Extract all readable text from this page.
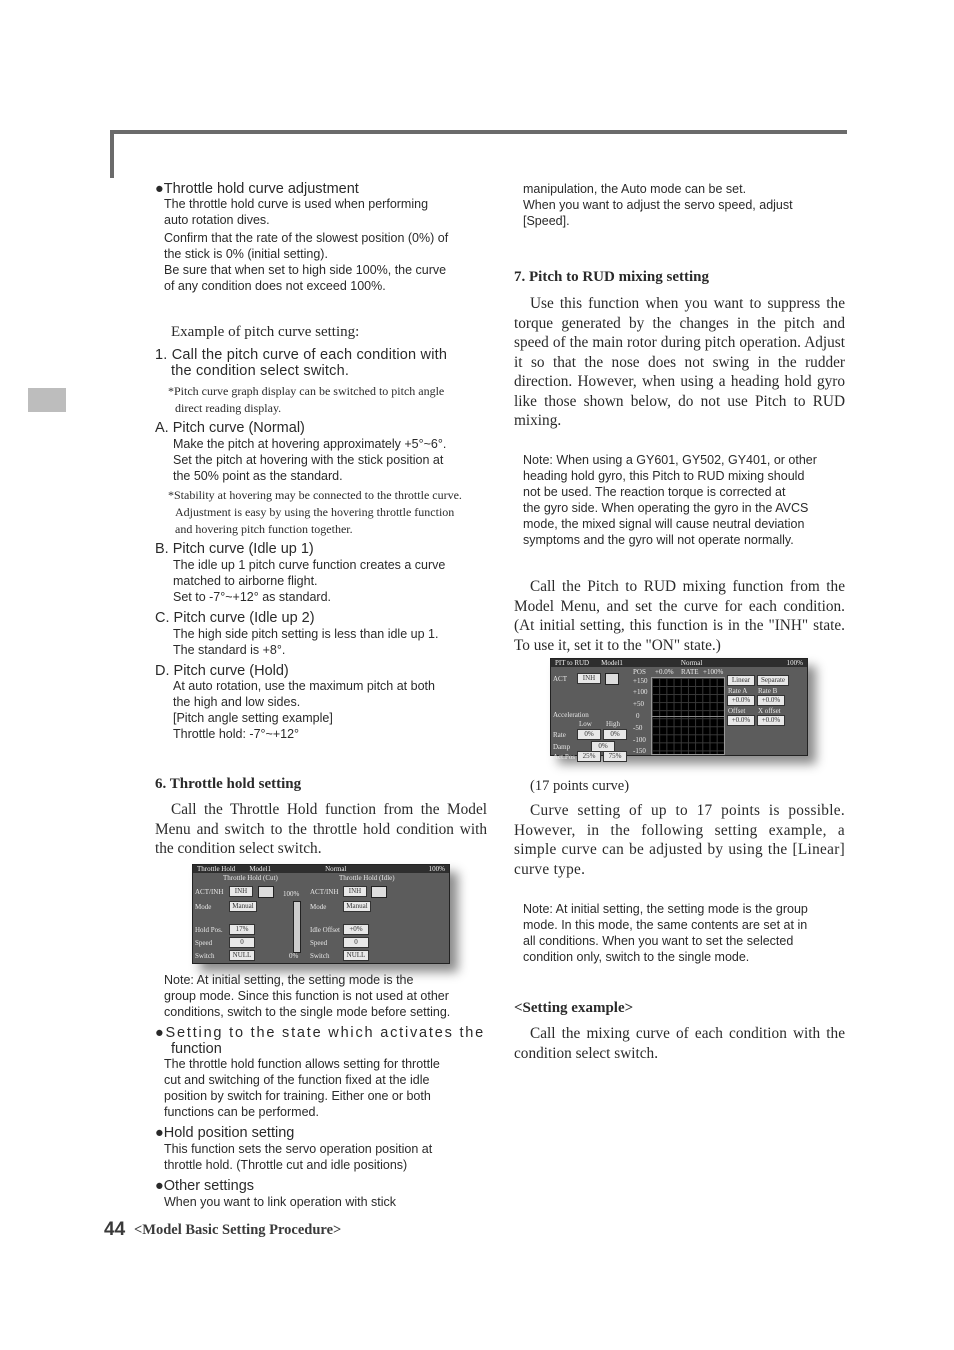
●Throttle hold curve adjustment
The throttle hold curve is used when performing
auto rotation dives.
Confirm that the rate of the slowest position (0%) of
the stick is 0% (initial setting).
Be sure that when set to high side 100%, the curve
of any condition does not exceed 100%.
Example of pitch curve setting:
1. Call the pitch curve of each condition with
the condition select switch.
*Pitch curve graph display can be switched to pitch angle
direct reading display.
A. Pitch curve (Normal)
Make the pitch at hovering approximately +5°~6°.
Set the pitch at hovering with the stick position at
the 50% point as the standard.
*Stability at hovering may be connected to the throttle curve.
Adjustment is easy by using the hovering throttle function
and hovering pitch function together.
B. Pitch curve (Idle up 1)
The idle up 1 pitch curve function creates a curve
matched to airborne flight.
Set to -7°~+12° as standard.
C. Pitch curve (Idle up 2)
The high side pitch setting is less than idle up 1.
The standard is +8°.
D. Pitch curve (Hold)
At auto rotation, use the maximum pitch at both
the high and low sides.
[Pitch angle setting example]
Throttle hold: -7°~+12°
6. Throttle hold setting
Call the Throttle Hold function from the Model Menu and switch to the throttle hold condition with the condition select switch.
Throttle Hold Model1	Normal	100%
Throttle Hold (Cut)	Throttle Hold (Idle)
ACT/INH	INH
Mode	Manual
Hold Pos.	17%
Speed	0
Switch	NULL
100%
0%
ACT/INH	INH
Mode	Manual
Idle Offset	+0%
Speed	0
Switch	NULL
Note: At initial setting, the setting mode is the
group mode. Since this function is not used at other
conditions, switch to the single mode before setting.
●Setting to the state which activates the
function
The throttle hold function allows setting for throttle
cut and switching of the function fixed at the idle
position by switch for training. Either one or both
functions can be performed.
●Hold position setting
This function sets the servo operation position at
throttle hold. (Throttle cut and idle positions)
●Other settings
When you want to link operation with stick
manipulation, the Auto mode can be set.
When you want to adjust the servo speed, adjust
[Speed].
7. Pitch to RUD mixing setting
Use this function when you want to suppress the torque generated by the changes in the pitch and speed of the main rotor during pitch operation. Adjust it so that the nose does not swing in the rudder direction. However, when using a heading hold gyro like those shown below, do not use Pitch to RUD mixing.
Note: When using a GY601, GY502, GY401, or other
heading hold gyro, this Pitch to RUD mixing should
not be used. The reaction torque is corrected at
the gyro side. When operating the gyro in the AVCS
mode, the mixed signal will cause neutral deviation
symptoms and the gyro will not operate normally.
Call the Pitch to RUD mixing function from the Model Menu, and set the curve for each condition. (At initial setting, this function is in the "INH" state. To use it, set it to the "ON" state.)
PIT to RUD Model1	Normal	100%
ACT	INH
Acceleration
Low High
Rate	0%	0%
Damp	0%
Act.Pos	25%	75%
POS +0.0% RATE +100%
+150
+100
+50
0
-50
-100
-150
Linear	Separate
Rate A Rate B
+0.0%	+0.0%
Offset X offset
+0.0%	+0.0%
(17 points curve)
Curve setting of up to 17 points is possible. However, in the following setting example, a simple curve can be adjusted by using the [Linear] curve type.
Note: At initial setting, the setting mode is the group
mode. In this mode, the same contents are set at in
all conditions. When you want to set the selected
condition only, switch to the single mode.
<Setting example>
Call the mixing curve of each condition with the condition select switch.
44 <Model Basic Setting Procedure>
